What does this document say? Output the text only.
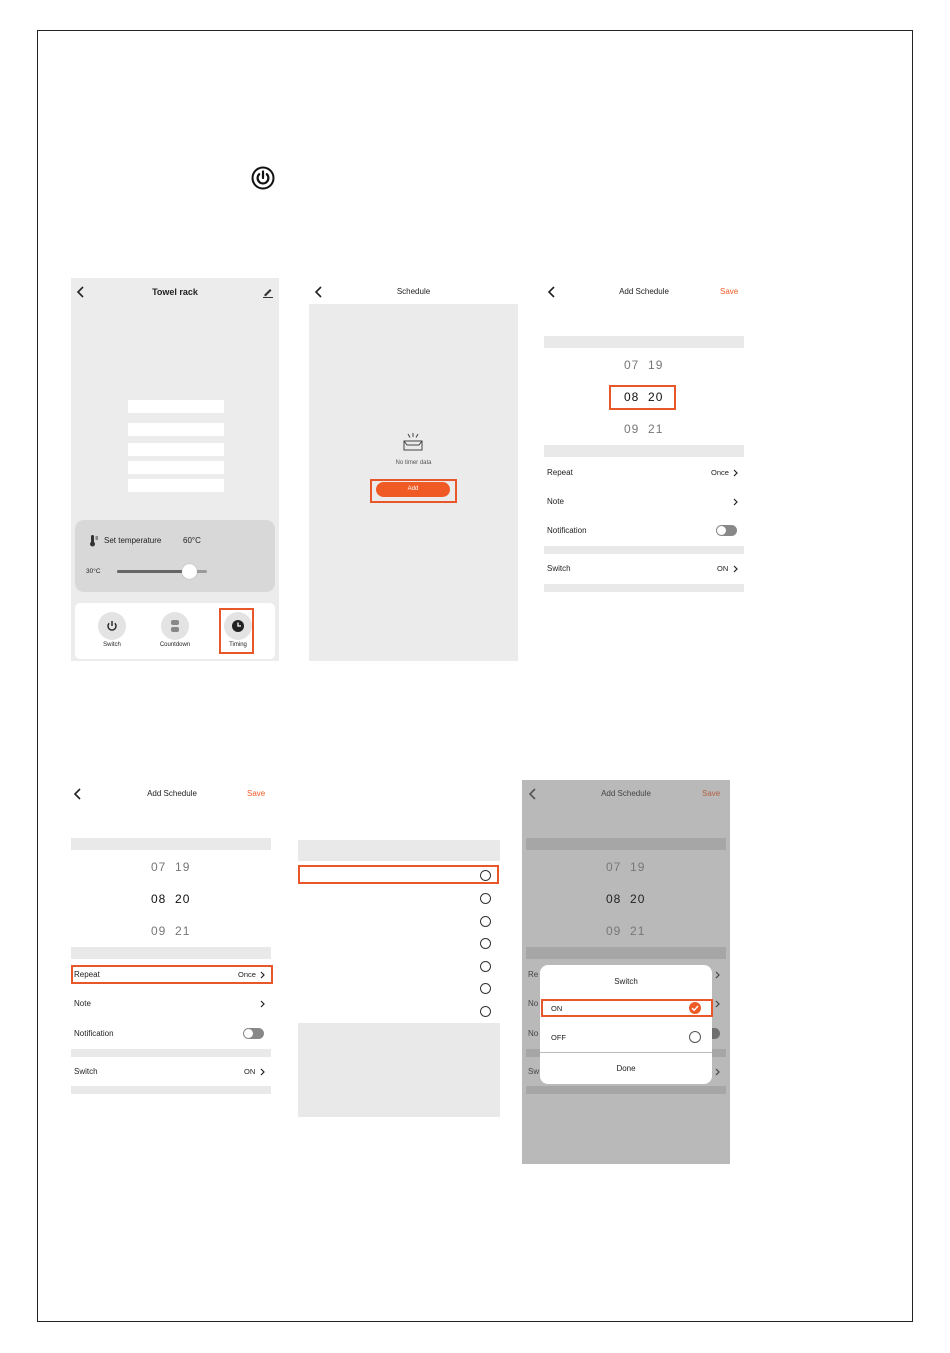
Towel rack
Set temperature	60°C
30°C
Switch	Countdown	Timing
Schedule
No timer data
Add
Add Schedule	Save
07 19
08 20
09 21
Repeat	Once
Note
Notification
Switch	ON
Add Schedule	Save
07 19
08 20
09 21
Repeat	Once
Note
Notification
Switch	ON
Add Schedule	Save
07 19
08 20
09 21
Re
No
No
Sw
Switch
ON
OFF
Done
